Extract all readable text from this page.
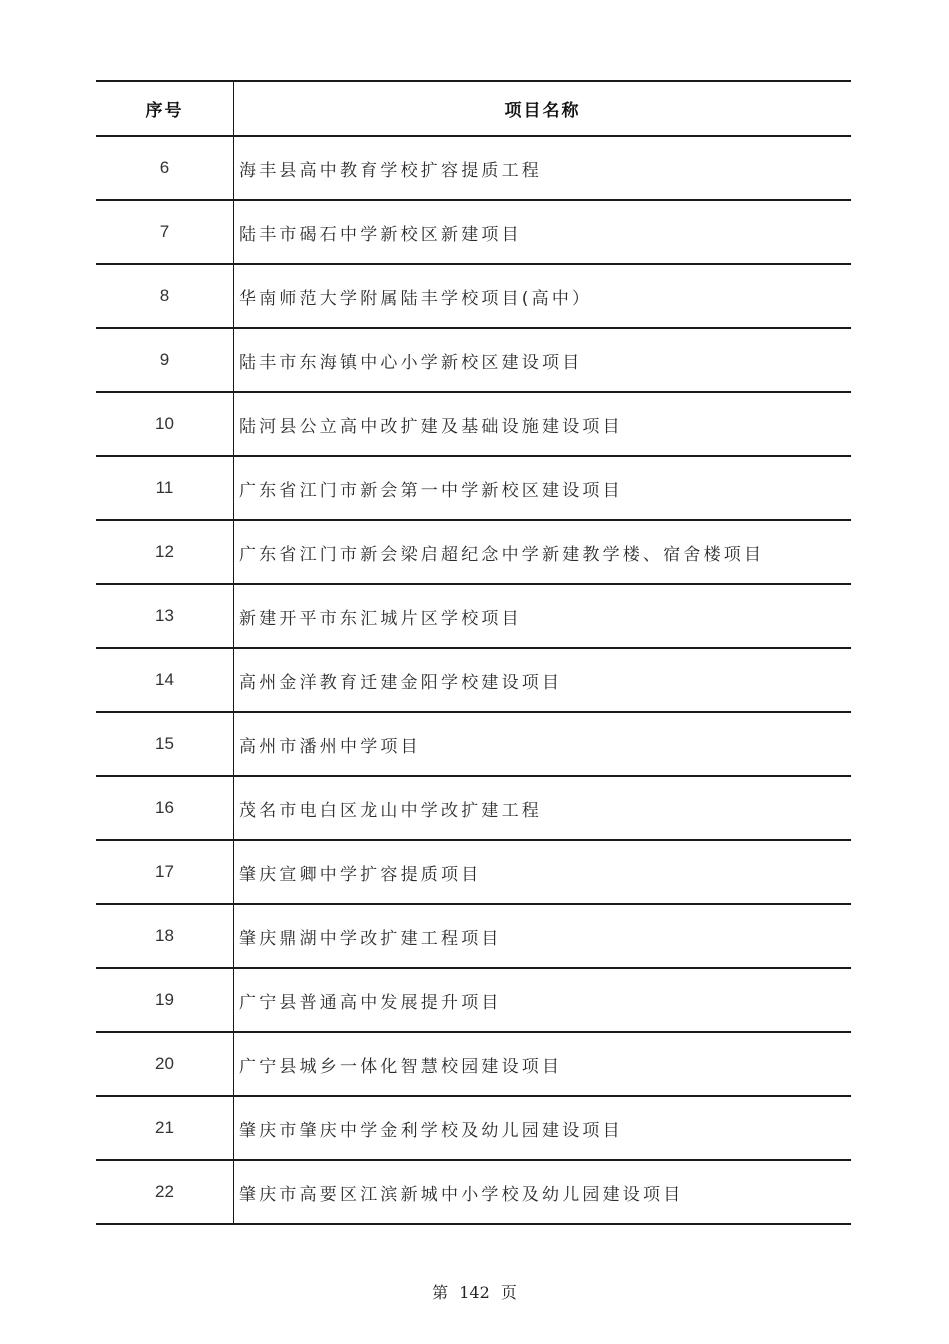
序号	项目名称
6	海丰县高中教育学校扩容提质工程
7	陆丰市碣石中学新校区新建项目
8	华南师范大学附属陆丰学校项目(高中）
9	陆丰市东海镇中心小学新校区建设项目
10	陆河县公立高中改扩建及基础设施建设项目
11	广东省江门市新会第一中学新校区建设项目
12	广东省江门市新会梁启超纪念中学新建教学楼、宿舍楼项目
13	新建开平市东汇城片区学校项目
14	高州金洋教育迁建金阳学校建设项目
15	高州市潘州中学项目
16	茂名市电白区龙山中学改扩建工程
17	肇庆宣卿中学扩容提质项目
18	肇庆鼎湖中学改扩建工程项目
19	广宁县普通高中发展提升项目
20	广宁县城乡一体化智慧校园建设项目
21	肇庆市肇庆中学金利学校及幼儿园建设项目
22	肇庆市高要区江滨新城中小学校及幼儿园建设项目
第 142 页
